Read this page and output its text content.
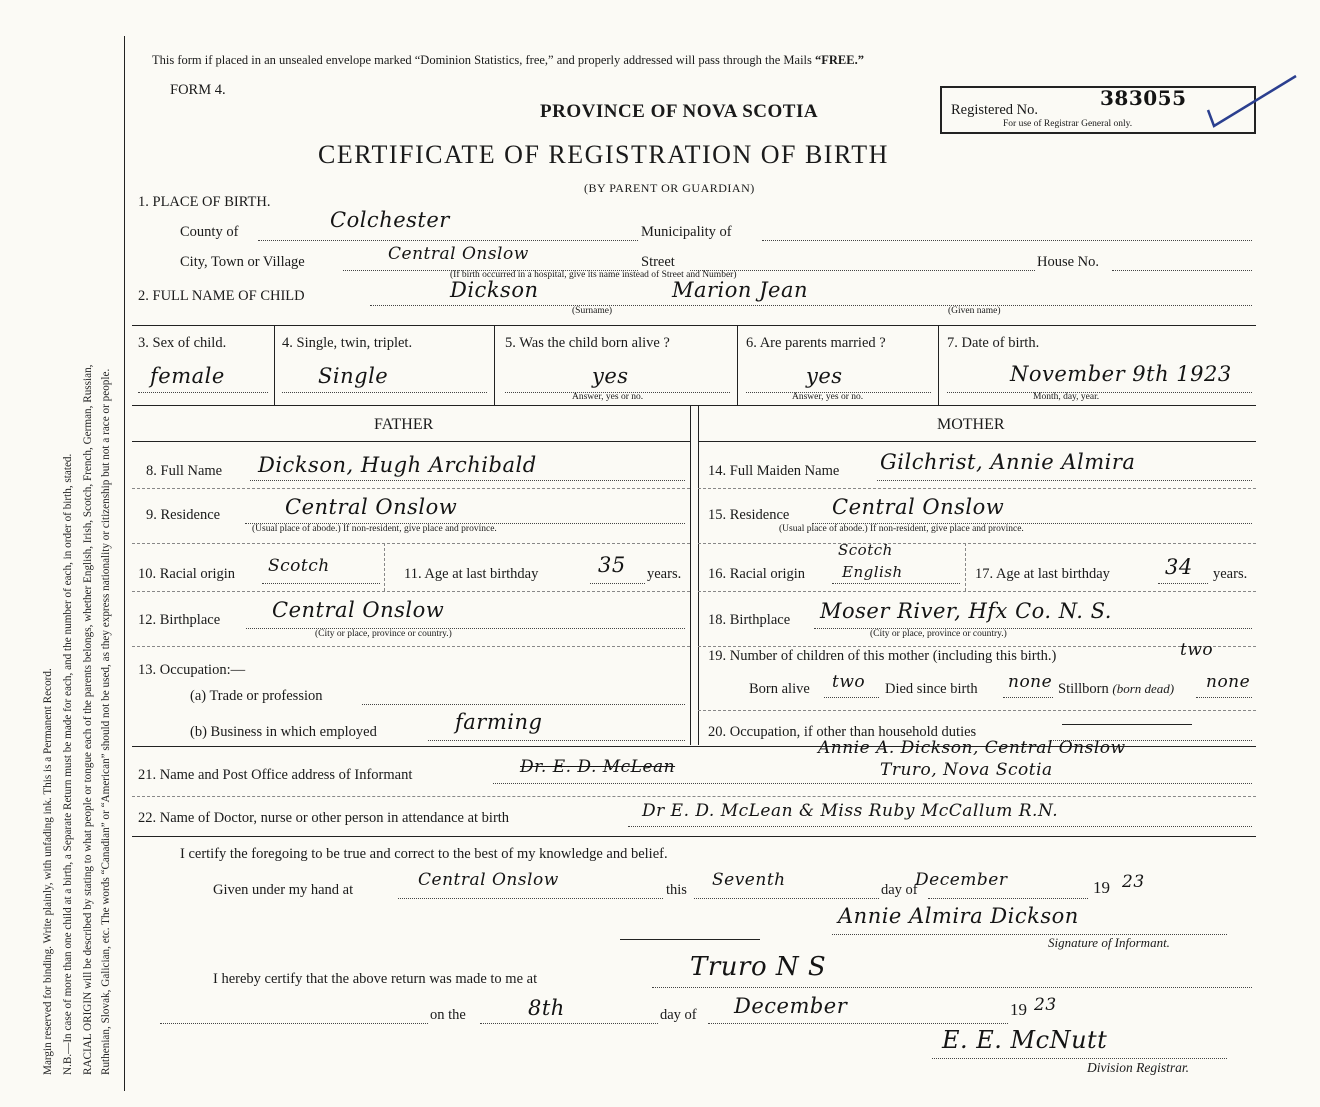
Margin reserved for binding. Write plainly, with unfading ink. This is a Permanent Record. N.B.—In case of more than one child at a birth, a Separate Return must be made for each, and the number of each, in order of birth, stated. RACIAL ORIGIN will be described by stating to what people or tongue each of the parents belongs, whether English, Irish, Scotch, French, German, Russian, Ruthenian, Slovak, Galician, etc. The words “Canadian” or “American” should not be used, as they express nationality or citizenship but not a race or people.
This form if placed in an unsealed envelope marked “Dominion Statistics, free,” and properly addressed will pass through the Mails “FREE.”
FORM 4.
PROVINCE OF NOVA SCOTIA
CERTIFICATE OF REGISTRATION OF BIRTH
(BY PARENT OR GUARDIAN)
Registered No.	383055
For use of Registrar General only.
1. PLACE OF BIRTH.
County of	Colchester	Municipality of
City, Town or Village	Central Onslow	Street	House No.
(If birth occurred in a hospital, give its name instead of Street and Number)
2. FULL NAME OF CHILD	Dickson	Marion Jean
(Surname)	(Given name)
3. Sex of child.
female
4. Single, twin, triplet.
Single
5. Was the child born alive ?
yes
Answer, yes or no.
6. Are parents married ?
yes
Answer, yes or no.
7. Date of birth.
November 9th 1923
Month, day, year.
FATHER	MOTHER
8. Full Name Dickson, Hugh Archibald
9. Residence	Central Onslow
(Usual place of abode.) If non-resident, give place and province.
10. Racial origin Scotch	11. Age at last birthday	35 years.
12. Birthplace Central Onslow
(City or place, province or country.)
13. Occupation:—
(a) Trade or profession
(b) Business in which employed	farming
14. Full Maiden Name Gilchrist, Annie Almira
15. Residence Central Onslow
(Usual place of abode.) If non-resident, give place and province.
16. Racial origin
Scotch
English	17. Age at last birthday	34 years.
18. Birthplace Moser River, Hfx Co. N. S.
(City or place, province or country.)
19. Number of children of this mother (including this birth.)	two
Born alive two Died since birth none Stillborn (born dead) none
20. Occupation, if other than household duties
21. Name and Post Office address of Informant	Dr. E. D. McLean
Annie A. Dickson, Central Onslow
Truro, Nova Scotia
22. Name of Doctor, nurse or other person in attendance at birth	Dr E. D. McLean & Miss Ruby McCallum R.N.
I certify the foregoing to be true and correct to the best of my knowledge and belief.
Given under my hand at	Central Onslow	this Seventh	day of
December	19 23
Annie Almira Dickson
Signature of Informant.
I hereby certify that the above return was made to me at	Truro N S
on the	8th	day of December	19 23
E. E. McNutt
Division Registrar.
